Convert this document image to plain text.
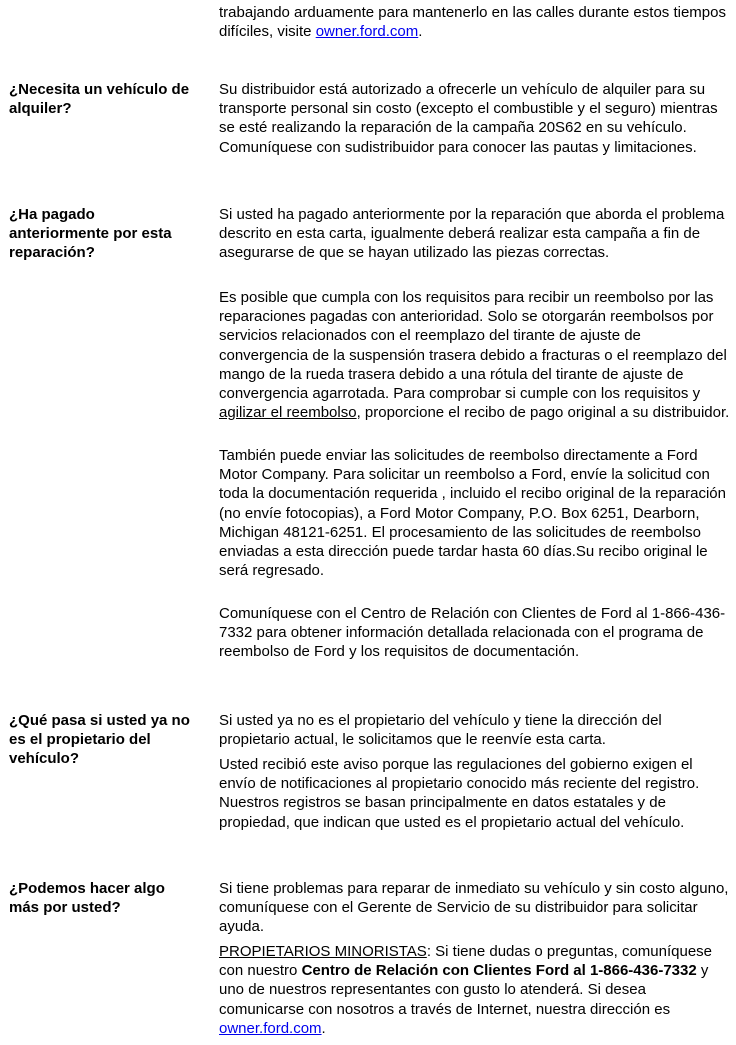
trabajando arduamente para mantenerlo en las calles durante estos tiempos difíciles, visite owner.ford.com.

¿Necesita un vehículo de alquiler?

Su distribuidor está autorizado a ofrecerle un vehículo de alquiler para su transporte personal sin costo (excepto el combustible y el seguro) mientras se esté realizando la reparación de la campaña 20S62 en su vehículo. Comuníquese con sudistribuidor para conocer las pautas y limitaciones.

¿Ha pagado anteriormente por esta reparación?

Si usted ha pagado anteriormente por la reparación que aborda el problema descrito en esta carta, igualmente deberá realizar esta campaña a fin de asegurarse de que se hayan utilizado las piezas correctas.

Es posible que cumpla con los requisitos para recibir un reembolso por las reparaciones pagadas con anterioridad. Solo se otorgarán reembolsos por servicios relacionados con el reemplazo del tirante de ajuste de convergencia de la suspensión trasera debido a fracturas o el reemplazo del mango de la rueda trasera debido a una rótula del tirante de ajuste de convergencia agarrotada. Para comprobar si cumple con los requisitos y agilizar el reembolso, proporcione el recibo de pago original a su distribuidor.

También puede enviar las solicitudes de reembolso directamente a Ford Motor Company. Para solicitar un reembolso a Ford, envíe la solicitud con toda la documentación requerida , incluido el recibo original de la reparación (no envíe fotocopias), a Ford Motor Company, P.O. Box 6251, Dearborn, Michigan 48121-6251. El procesamiento de las solicitudes de reembolso enviadas a esta dirección puede tardar hasta 60 días.Su recibo original le será regresado.

Comuníquese con el Centro de Relación con Clientes de Ford al 1-866-436-7332 para obtener información detallada relacionada con el programa de reembolso de Ford y los requisitos de documentación.

¿Qué pasa si usted ya no es el propietario del vehículo?

Si usted ya no es el propietario del vehículo y tiene la dirección del propietario actual, le solicitamos que le reenvíe esta carta.

Usted recibió este aviso porque las regulaciones del gobierno exigen el envío de notificaciones al propietario conocido más reciente del registro. Nuestros registros se basan principalmente en datos estatales y de propiedad, que indican que usted es el propietario actual del vehículo.

¿Podemos hacer algo más por usted?

Si tiene problemas para reparar de inmediato su vehículo y sin costo alguno, comuníquese con el Gerente de Servicio de su distribuidor para solicitar ayuda.

PROPIETARIOS MINORISTAS: Si tiene dudas o preguntas, comuníquese con nuestro Centro de Relación con Clientes Ford al 1-866-436-7332 y uno de nuestros representantes con gusto lo atenderá. Si desea comunicarse con nosotros a través de Internet, nuestra dirección es owner.ford.com.
